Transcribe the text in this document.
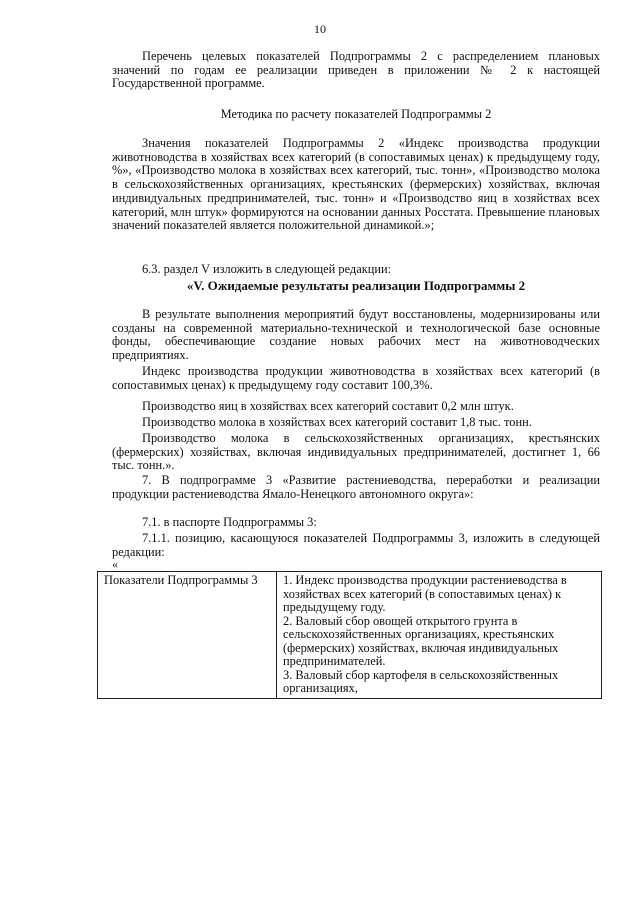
10

Перечень целевых показателей Подпрограммы 2 с распределением плановых значений по годам ее реализации приведен в приложении № 2 к настоящей Государственной программе.

Методика по расчету показателей Подпрограммы 2

Значения показателей Подпрограммы 2 «Индекс производства продукции животноводства в хозяйствах всех категорий (в сопоставимых ценах) к предыдущему году, %», «Производство молока в хозяйствах всех категорий, тыс. тонн», «Производство молока в сельскохозяйственных организациях, крестьянских (фермерских) хозяйствах, включая индивидуальных предпринимателей, тыс. тонн» и «Производство яиц в хозяйствах всех категорий, млн штук» формируются на основании данных Росстата. Превышение плановых значений показателей является положительной динамикой.»;

6.3. раздел V изложить в следующей редакции:

«V. Ожидаемые результаты реализации Подпрограммы 2

В результате выполнения мероприятий будут восстановлены, модернизированы или созданы на современной материально-технической и технологической базе основные фонды, обеспечивающие создание новых рабочих мест на животноводческих предприятиях.

Индекс производства продукции животноводства в хозяйствах всех категорий (в сопоставимых ценах) к предыдущему году составит 100,3%.

Производство яиц в хозяйствах всех категорий составит 0,2 млн штук.

Производство молока в хозяйствах всех категорий составит 1,8 тыс. тонн.

Производство молока в сельскохозяйственных организациях, крестьянских (фермерских) хозяйствах, включая индивидуальных предпринимателей, достигнет 1, 66 тыс. тонн.».

7. В подпрограмме 3 «Развитие растениеводства, переработки и реализации продукции растениеводства Ямало-Ненецкого автономного округа»:

7.1. в паспорте Подпрограммы 3:

7.1.1. позицию, касающуюся показателей Подпрограммы 3, изложить в следующей редакции:

«
Показатели Подпрограммы 3	1. Индекс производства продукции растениеводства в хозяйствах всех категорий (в сопоставимых ценах) к предыдущему году.
2. Валовый сбор овощей открытого грунта в сельскохозяйственных организациях, крестьянских (фермерских) хозяйствах, включая индивидуальных предпринимателей.
3. Валовый сбор картофеля в сельскохозяйственных организациях,
